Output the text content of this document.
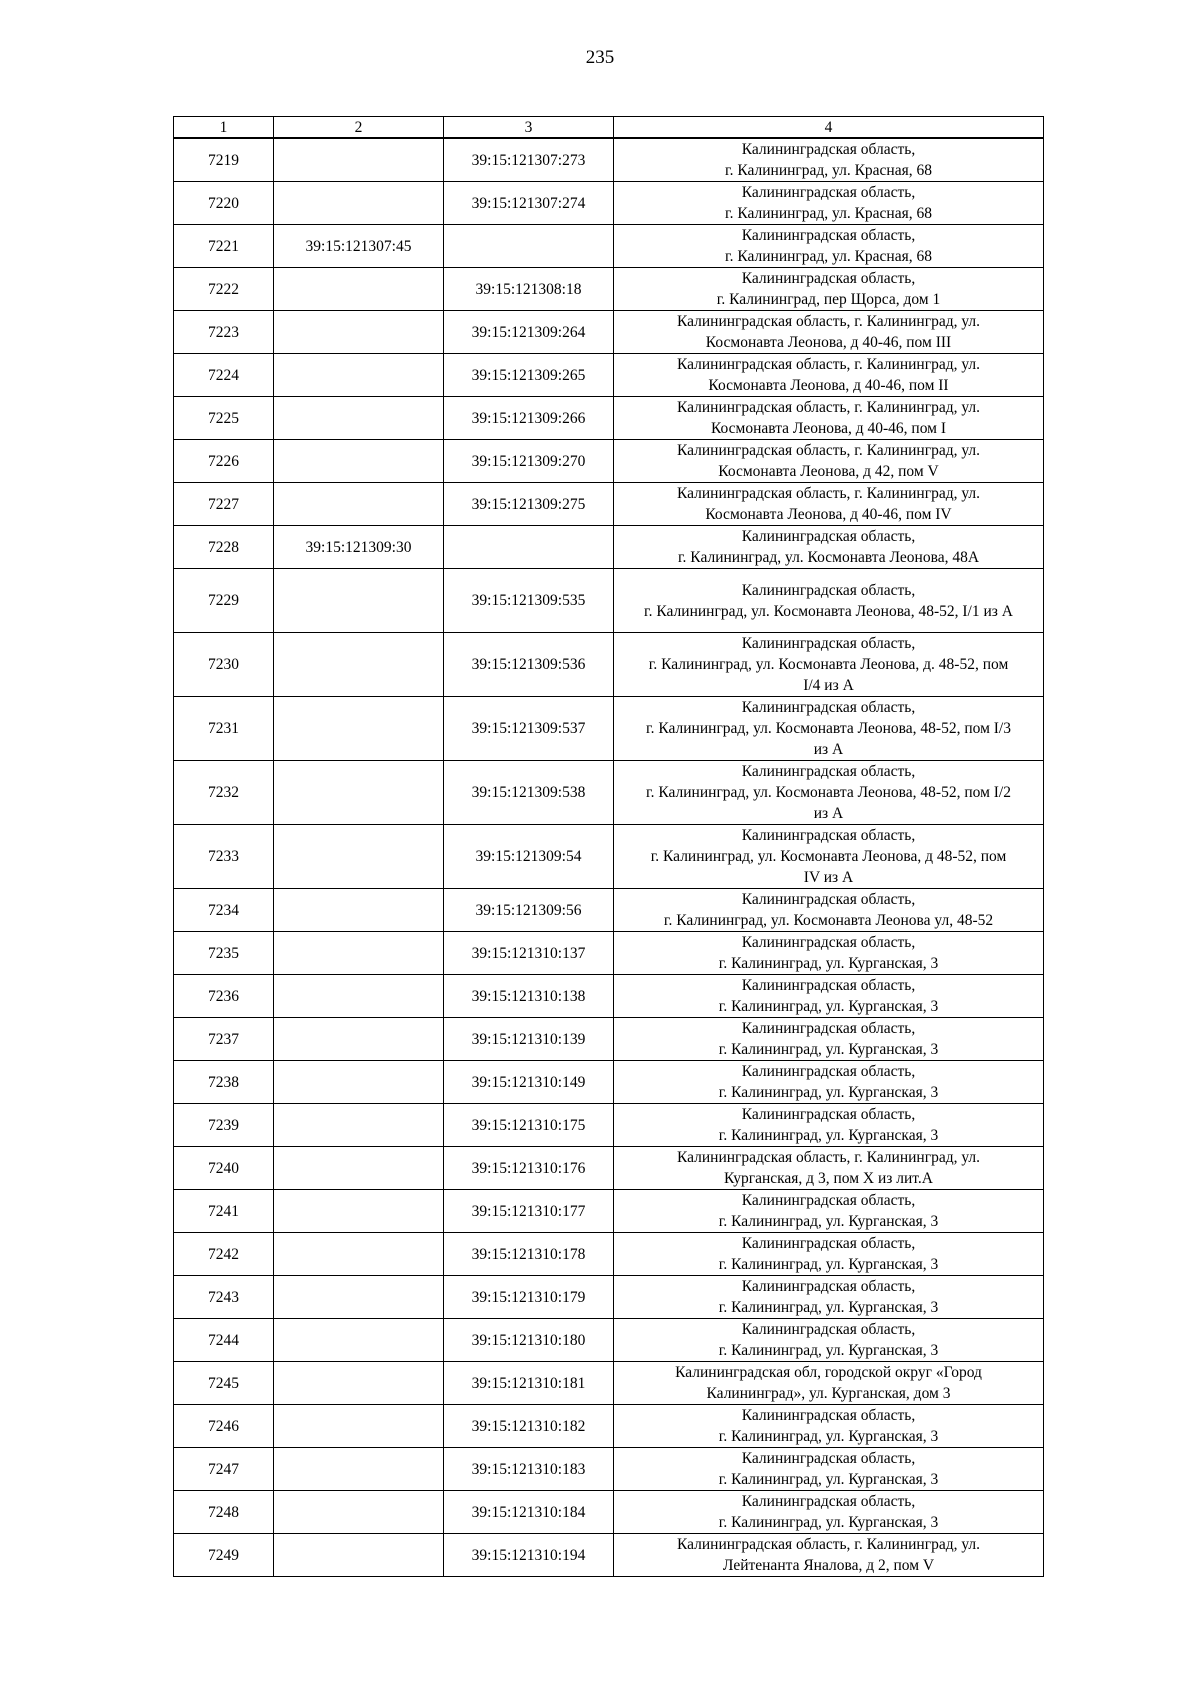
235
1	2	3	4
7219		39:15:121307:273	Калининградская область,
г. Калининград, ул. Красная, 68

7220		39:15:121307:274	Калининградская область,
г. Калининград, ул. Красная, 68

7221	39:15:121307:45		Калининградская область,
г. Калининград, ул. Красная, 68

7222		39:15:121308:18	Калининградская область,
г. Калининград, пер Щорса, дом 1

7223		39:15:121309:264	Калининградская область, г. Калининград, ул.
Космонавта Леонова, д 40-46, пом III

7224		39:15:121309:265	Калининградская область, г. Калининград, ул.
Космонавта Леонова, д 40-46, пом II

7225		39:15:121309:266	Калининградская область, г. Калининград, ул.
Космонавта Леонова, д 40-46, пом I

7226		39:15:121309:270	Калининградская область, г. Калининград, ул.
Космонавта Леонова, д 42, пом V

7227		39:15:121309:275	Калининградская область, г. Калининград, ул.
Космонавта Леонова, д 40-46, пом IV

7228	39:15:121309:30		Калининградская область,
г. Калининград, ул. Космонавта Леонова, 48А

7229		39:15:121309:535	Калининградская область,
г. Калининград, ул. Космонавта Леонова, 48-52, I/1 из А

7230		39:15:121309:536	Калининградская область,
г. Калининград, ул. Космонавта Леонова, д. 48-52, пом
I/4 из А

7231		39:15:121309:537	Калининградская область,
г. Калининград, ул. Космонавта Леонова, 48-52, пом I/3
из А

7232		39:15:121309:538	Калининградская область,
г. Калининград, ул. Космонавта Леонова, 48-52, пом I/2
из А

7233		39:15:121309:54	Калининградская область,
г. Калининград, ул. Космонавта Леонова, д 48-52, пом
IV из А

7234		39:15:121309:56	Калининградская область,
г. Калининград, ул. Космонавта Леонова ул, 48-52

7235		39:15:121310:137	Калининградская область,
г. Калининград, ул. Курганская, 3

7236		39:15:121310:138	Калининградская область,
г. Калининград, ул. Курганская, 3

7237		39:15:121310:139	Калининградская область,
г. Калининград, ул. Курганская, 3

7238		39:15:121310:149	Калининградская область,
г. Калининград, ул. Курганская, 3

7239		39:15:121310:175	Калининградская область,
г. Калининград, ул. Курганская, 3

7240		39:15:121310:176	Калининградская область, г. Калининград, ул.
Курганская, д 3, пом X из лит.А

7241		39:15:121310:177	Калининградская область,
г. Калининград, ул. Курганская, 3

7242		39:15:121310:178	Калининградская область,
г. Калининград, ул. Курганская, 3

7243		39:15:121310:179	Калининградская область,
г. Калининград, ул. Курганская, 3

7244		39:15:121310:180	Калининградская область,
г. Калининград, ул. Курганская, 3

7245		39:15:121310:181	Калининградская обл, городской округ «Город
Калининград», ул. Курганская, дом 3

7246		39:15:121310:182	Калининградская область,
г. Калининград, ул. Курганская, 3

7247		39:15:121310:183	Калининградская область,
г. Калининград, ул. Курганская, 3

7248		39:15:121310:184	Калининградская область,
г. Калининград, ул. Курганская, 3

7249		39:15:121310:194	Калининградская область, г. Калининград, ул.
Лейтенанта Яналова, д 2, пом V
